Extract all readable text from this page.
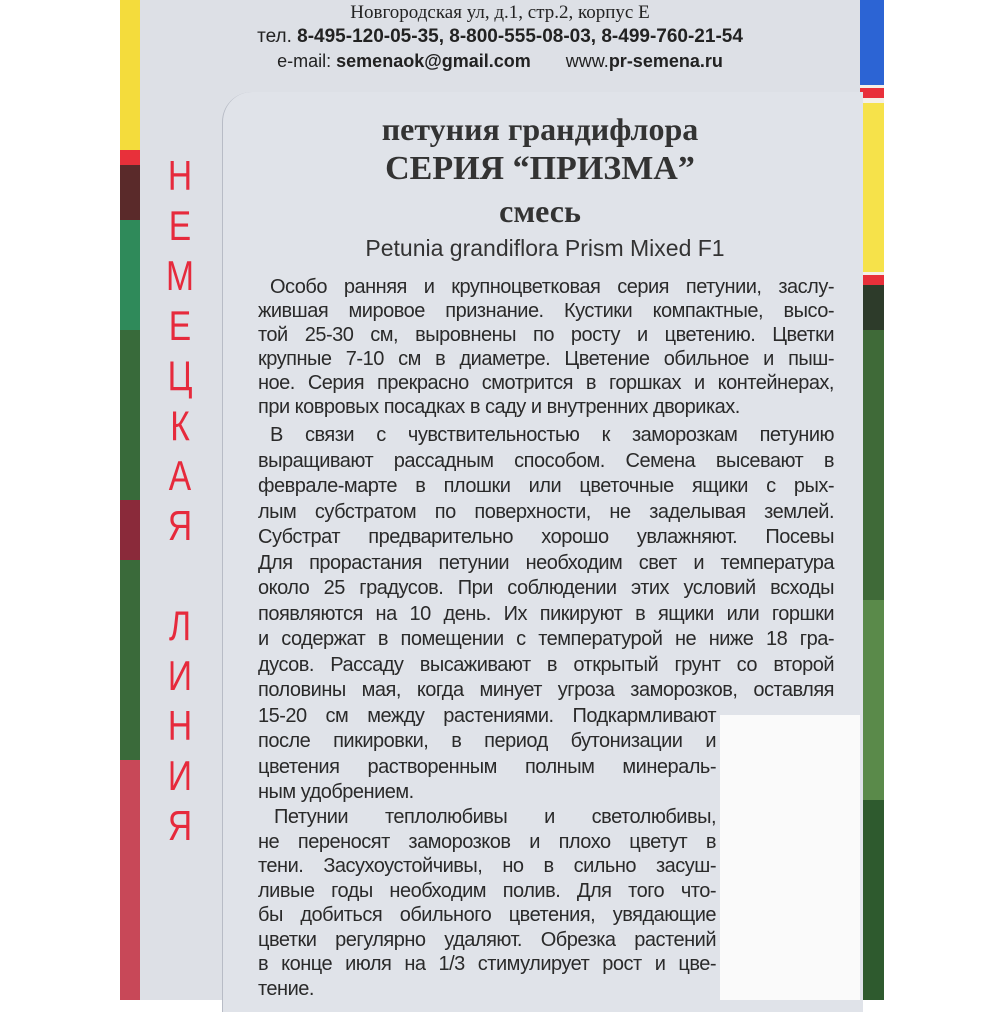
Новгородская ул, д.1, стр.2, корпус Е
тел. 8-495-120-05-35, 8-800-555-08-03, 8-499-760-21-54
e-mail: semenaok@gmail.com www.pr-semena.ru
Н
Е
М
Е
Ц
К
А
Я
Л
И
Н
И
Я
петуния грандифлора
СЕРИЯ “ПРИЗМА”
смесь
Petunia grandiflora Prism Mixed F1
Особо ранняя и крупноцветковая серия петунии, заслу-
жившая мировое признание. Кустики компактные, высо-
той 25-30 см, выровнены по росту и цветению. Цветки
крупные 7-10 см в диаметре. Цветение обильное и пыш-
ное. Серия прекрасно смотрится в горшках и контейнерах,
при ковровых посадках в саду и внутренних двориках.
В связи с чувствительностью к заморозкам петунию
выращивают рассадным способом. Семена высевают в
феврале-марте в плошки или цветочные ящики с рых-
лым субстратом по поверхности, не заделывая землей.
Субстрат предварительно хорошо увлажняют. Посевы
Для прорастания петунии необходим свет и температура
около 25 градусов. При соблюдении этих условий всходы
появляются на 10 день. Их пикируют в ящики или горшки
и содержат в помещении с температурой не ниже 18 гра-
дусов. Рассаду высаживают в открытый грунт со второй
половины мая, когда минует угроза заморозков, оставляя
15-20 см между растениями. Подкармливают
после пикировки, в период бутонизации и
цветения растворенным полным минераль-
ным удобрением.
Петунии теплолюбивы и светолюбивы,
не переносят заморозков и плохо цветут в
тени. Засухоустойчивы, но в сильно засуш-
ливые годы необходим полив. Для того что-
бы добиться обильного цветения, увядающие
цветки регулярно удаляют. Обрезка растений
в конце июля на 1/3 стимулирует рост и цве-
тение.
